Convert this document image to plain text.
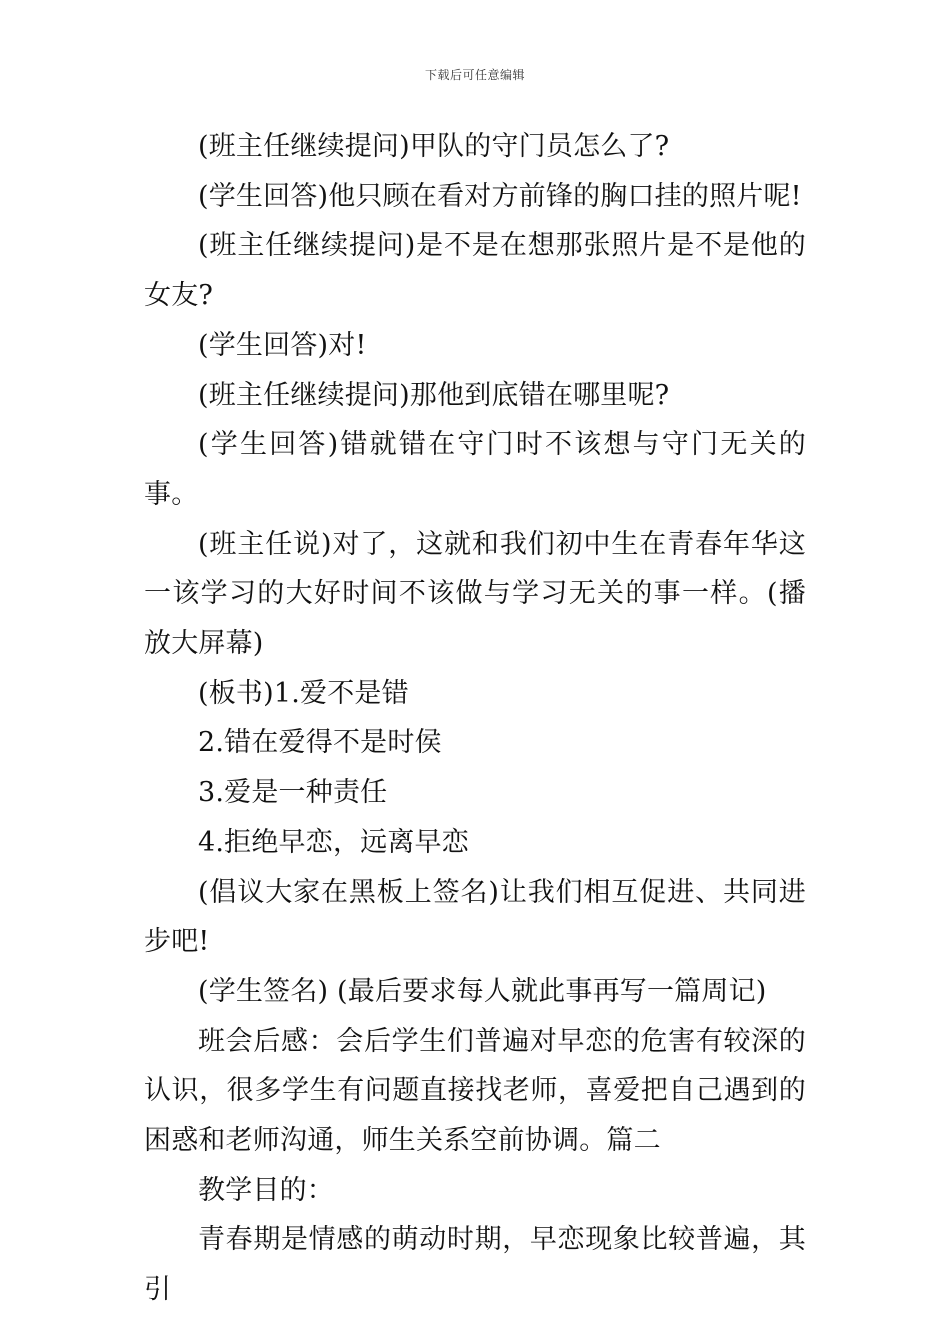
下载后可任意编辑

(班主任继续提问)甲队的守门员怎么了?

(学生回答)他只顾在看对方前锋的胸口挂的照片呢!

(班主任继续提问)是不是在想那张照片是不是他的女友?

(学生回答)对!

(班主任继续提问)那他到底错在哪里呢?

(学生回答)错就错在守门时不该想与守门无关的事。

(班主任说)对了，这就和我们初中生在青春年华这一该学习的大好时间不该做与学习无关的事一样。(播放大屏幕)

(板书)1.爱不是错

2.错在爱得不是时侯

3.爱是一种责任

4.拒绝早恋，远离早恋

(倡议大家在黑板上签名)让我们相互促进、共同进步吧!

(学生签名) (最后要求每人就此事再写一篇周记)

班会后感：会后学生们普遍对早恋的危害有较深的认识，很多学生有问题直接找老师，喜爱把自己遇到的困惑和老师沟通，师生关系空前协调。篇二

教学目的：

青春期是情感的萌动时期，早恋现象比较普遍，其引
